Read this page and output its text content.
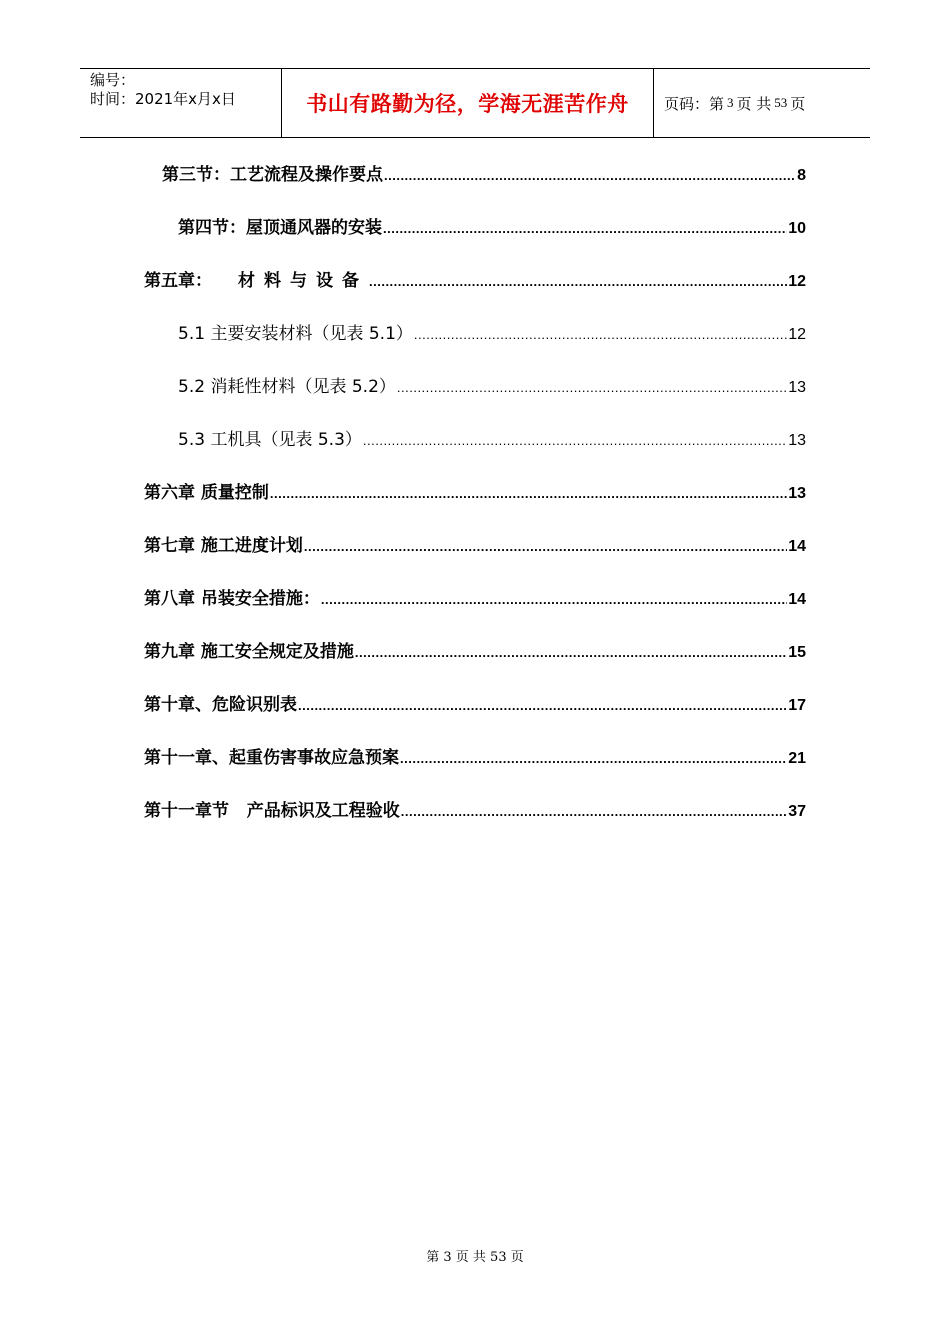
编号：
时间：2021年x月x日	书山有路勤为径，学海无涯苦作舟 页码：第 3 页 共 53 页
第三节：工艺流程及操作要点 .....	8
第四节：屋顶通风器的安装 .....	10
第五章： 材料与设备 .....	12
5.1 主要安装材料（见表 5.1） .....	12
5.2 消耗性材料（见表 5.2） .....	13
5.3 工机具（见表 5.3） .....	13
第六章 质量控制 .....	13
第七章 施工进度计划 .....	14
第八章 吊装安全措施： .....	14
第九章 施工安全规定及措施 .....	15
第十章、危险识别表 .....	17
第十一章、起重伤害事故应急预案 .....	21
第十一章节   产品标识及工程验收 .....	37
第 3 页 共 53 页
